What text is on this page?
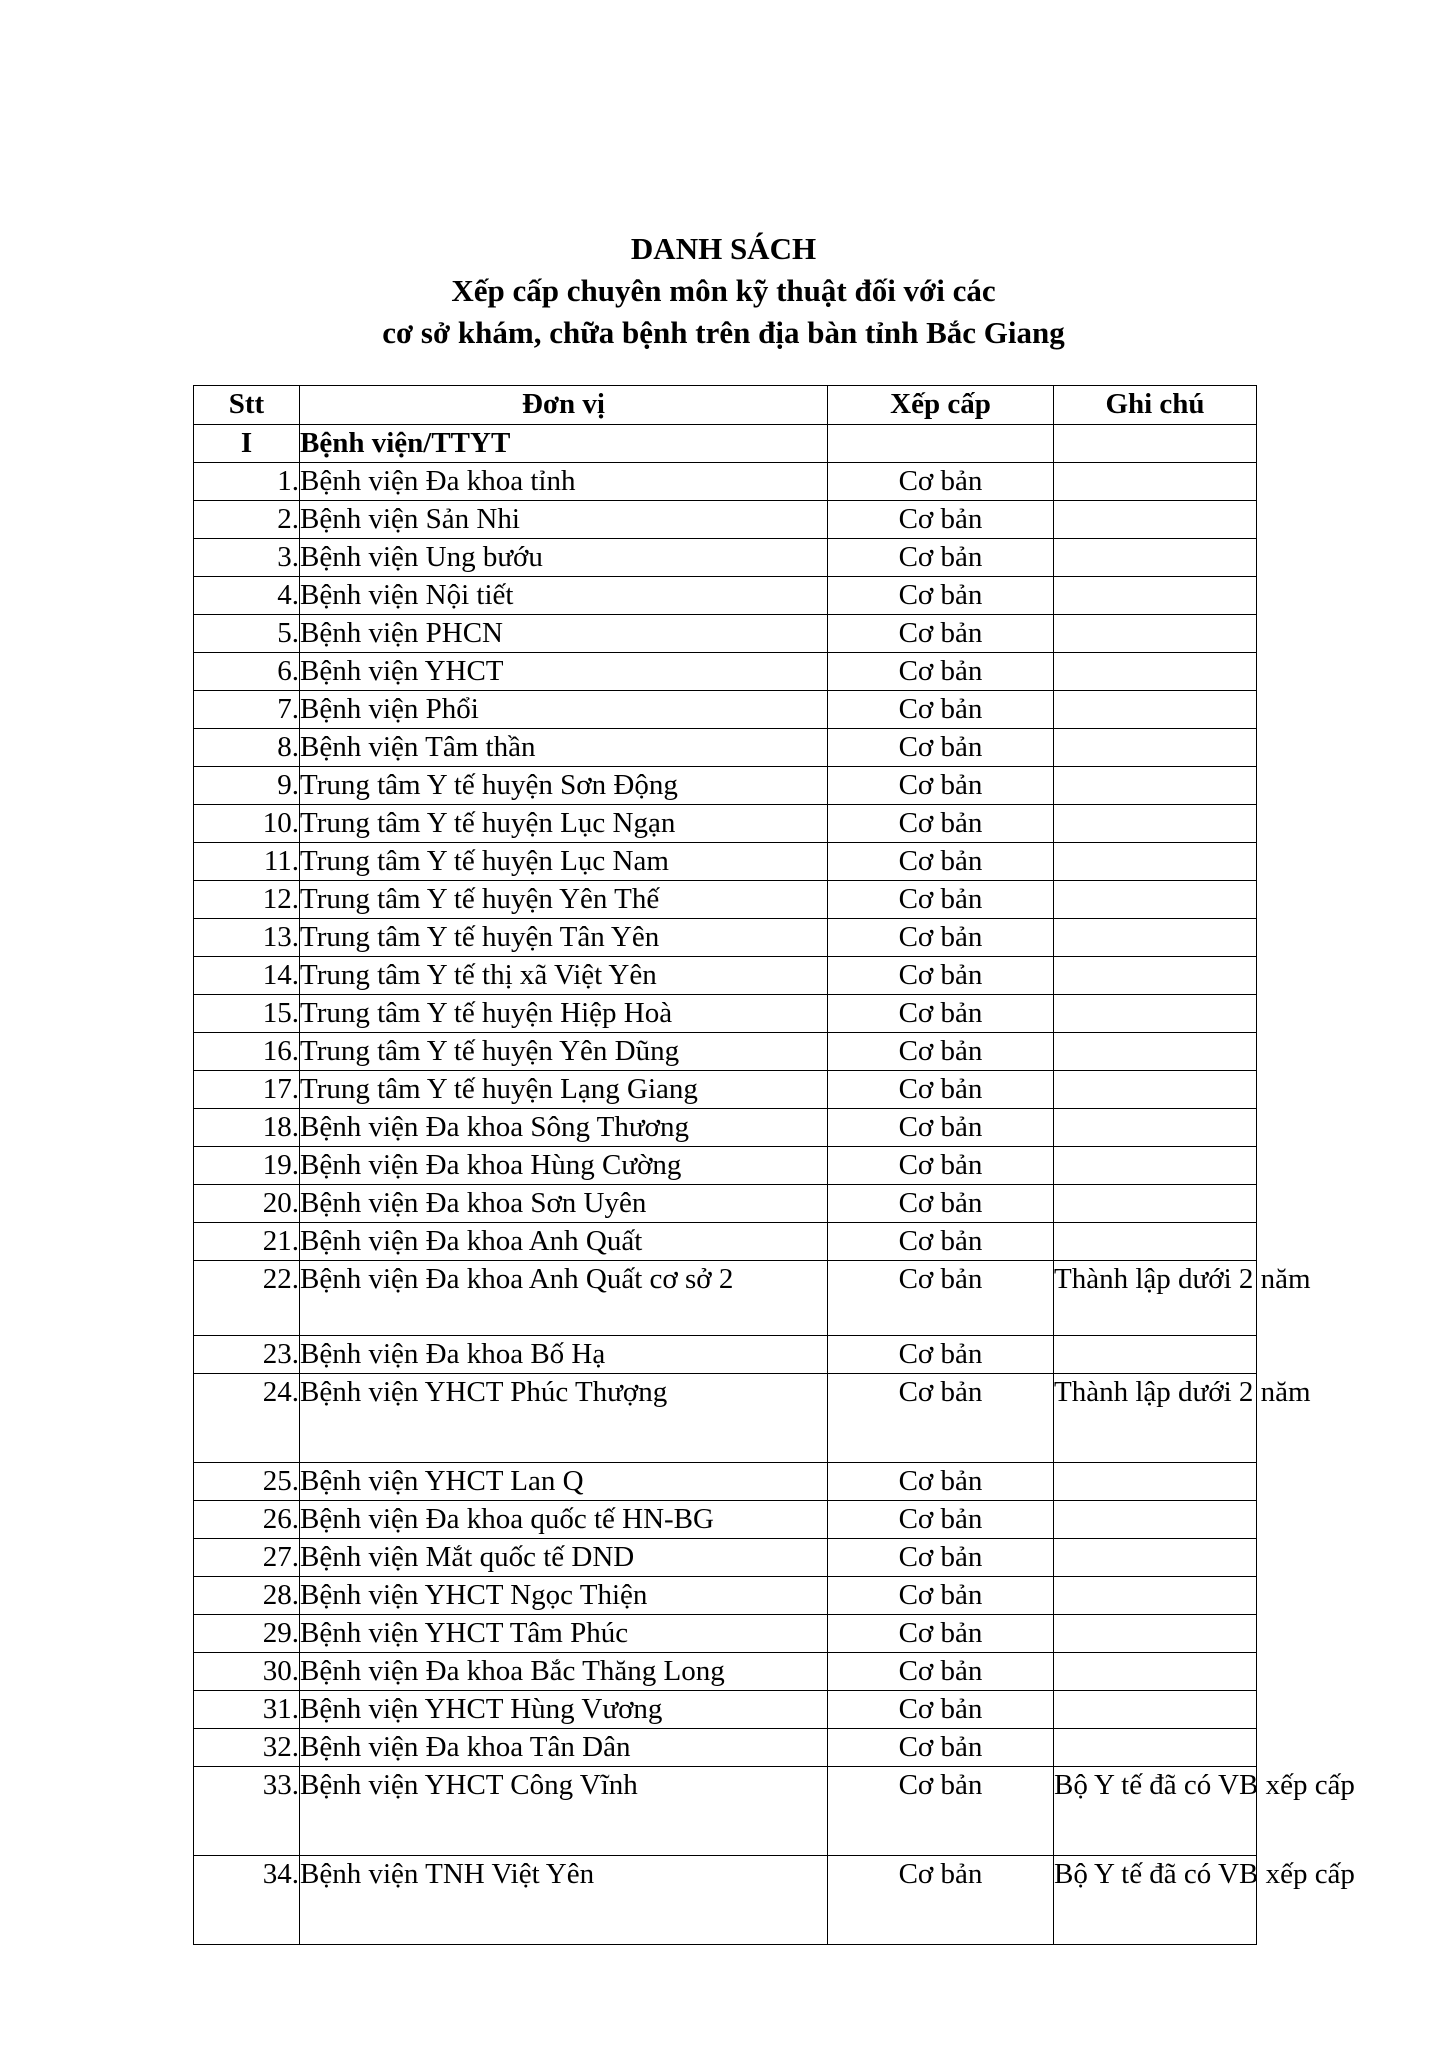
DANH SÁCH
Xếp cấp chuyên môn kỹ thuật đối với các
cơ sở khám, chữa bệnh trên địa bàn tỉnh Bắc Giang
Stt	Đơn vị	Xếp cấp	Ghi chú
I	Bệnh viện/TTYT		
1.	Bệnh viện Đa khoa tỉnh	Cơ bản	
2.	Bệnh viện Sản Nhi	Cơ bản	
3.	Bệnh viện Ung bướu	Cơ bản	
4.	Bệnh viện Nội tiết	Cơ bản	
5.	Bệnh viện PHCN	Cơ bản	
6.	Bệnh viện YHCT	Cơ bản	
7.	Bệnh viện Phổi	Cơ bản	
8.	Bệnh viện Tâm thần	Cơ bản	
9.	Trung tâm Y tế huyện Sơn Động	Cơ bản	
10.	Trung tâm Y tế huyện Lục Ngạn	Cơ bản	
11.	Trung tâm Y tế huyện Lục Nam	Cơ bản	
12.	Trung tâm Y tế huyện Yên Thế	Cơ bản	
13.	Trung tâm Y tế huyện Tân Yên	Cơ bản	
14.	Trung tâm Y tế thị xã Việt Yên	Cơ bản	
15.	Trung tâm Y tế huyện Hiệp Hoà	Cơ bản	
16.	Trung tâm Y tế huyện Yên Dũng	Cơ bản	
17.	Trung tâm Y tế huyện Lạng Giang	Cơ bản	
18.	Bệnh viện Đa khoa Sông Thương	Cơ bản	
19.	Bệnh viện Đa khoa Hùng Cường	Cơ bản	
20.	Bệnh viện Đa khoa Sơn Uyên	Cơ bản	
21.	Bệnh viện Đa khoa Anh Quất	Cơ bản	
22.	Bệnh viện Đa khoa Anh Quất cơ sở 2	Cơ bản	Thành lập dưới 2 năm
23.	Bệnh viện Đa khoa Bố Hạ	Cơ bản	
24.	Bệnh viện YHCT Phúc Thượng	Cơ bản	Thành lập dưới 2 năm
25.	Bệnh viện YHCT Lan Q	Cơ bản	
26.	Bệnh viện Đa khoa quốc tế HN-BG	Cơ bản	
27.	Bệnh viện Mắt quốc tế DND	Cơ bản	
28.	Bệnh viện YHCT Ngọc Thiện	Cơ bản	
29.	Bệnh viện YHCT Tâm Phúc	Cơ bản	
30.	Bệnh viện Đa khoa Bắc Thăng Long	Cơ bản	
31.	Bệnh viện YHCT Hùng Vương	Cơ bản	
32.	Bệnh viện Đa khoa Tân Dân	Cơ bản	
33.	Bệnh viện YHCT Công Vĩnh	Cơ bản	Bộ Y tế đã có VB xếp cấp
34.	Bệnh viện TNH Việt Yên	Cơ bản	Bộ Y tế đã có VB xếp cấp
